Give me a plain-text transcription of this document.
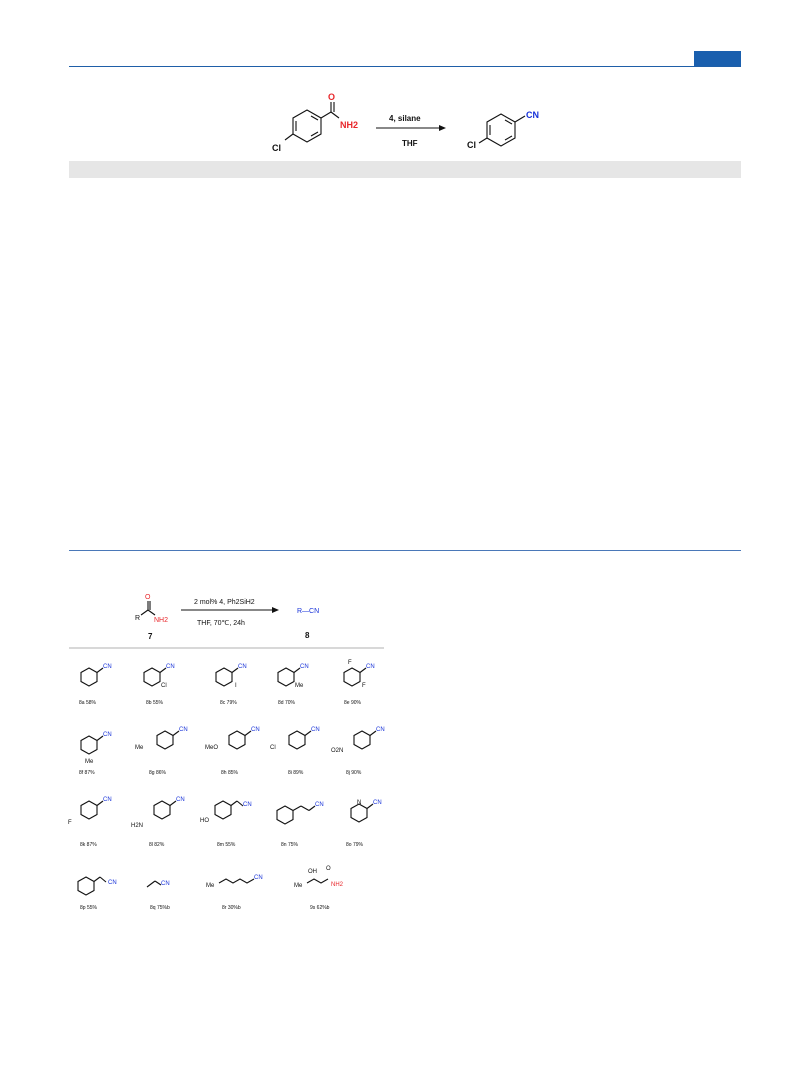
Cl
O
NH2
4, silane
THF	Cl
CN
R
O
NH2
7
2 mol% 4, Ph2SiH2
THF, 70℃, 24h
R—CN
8
CN
8a 58%
CN
Cl
8b 55%
CN
I
8c 79%
CN
Me
8d 70%
CN
F
F
8e 90%
CN
Me
8f 87%
CN
Me
8g 86%
CN
MeO
8h 85%
CN
Cl
8i 89%
CN
O2N
8j 90%
CN
F
8k 87%
CN
H2N
8l 82%
CN
HO
8m 55%
CN
8n 75%
N CN
8o 79%
CN
8p 55%
CN
8q 75%b
Me
CN
8r 30%b
Me
OH O
NH2
9s 62%b
